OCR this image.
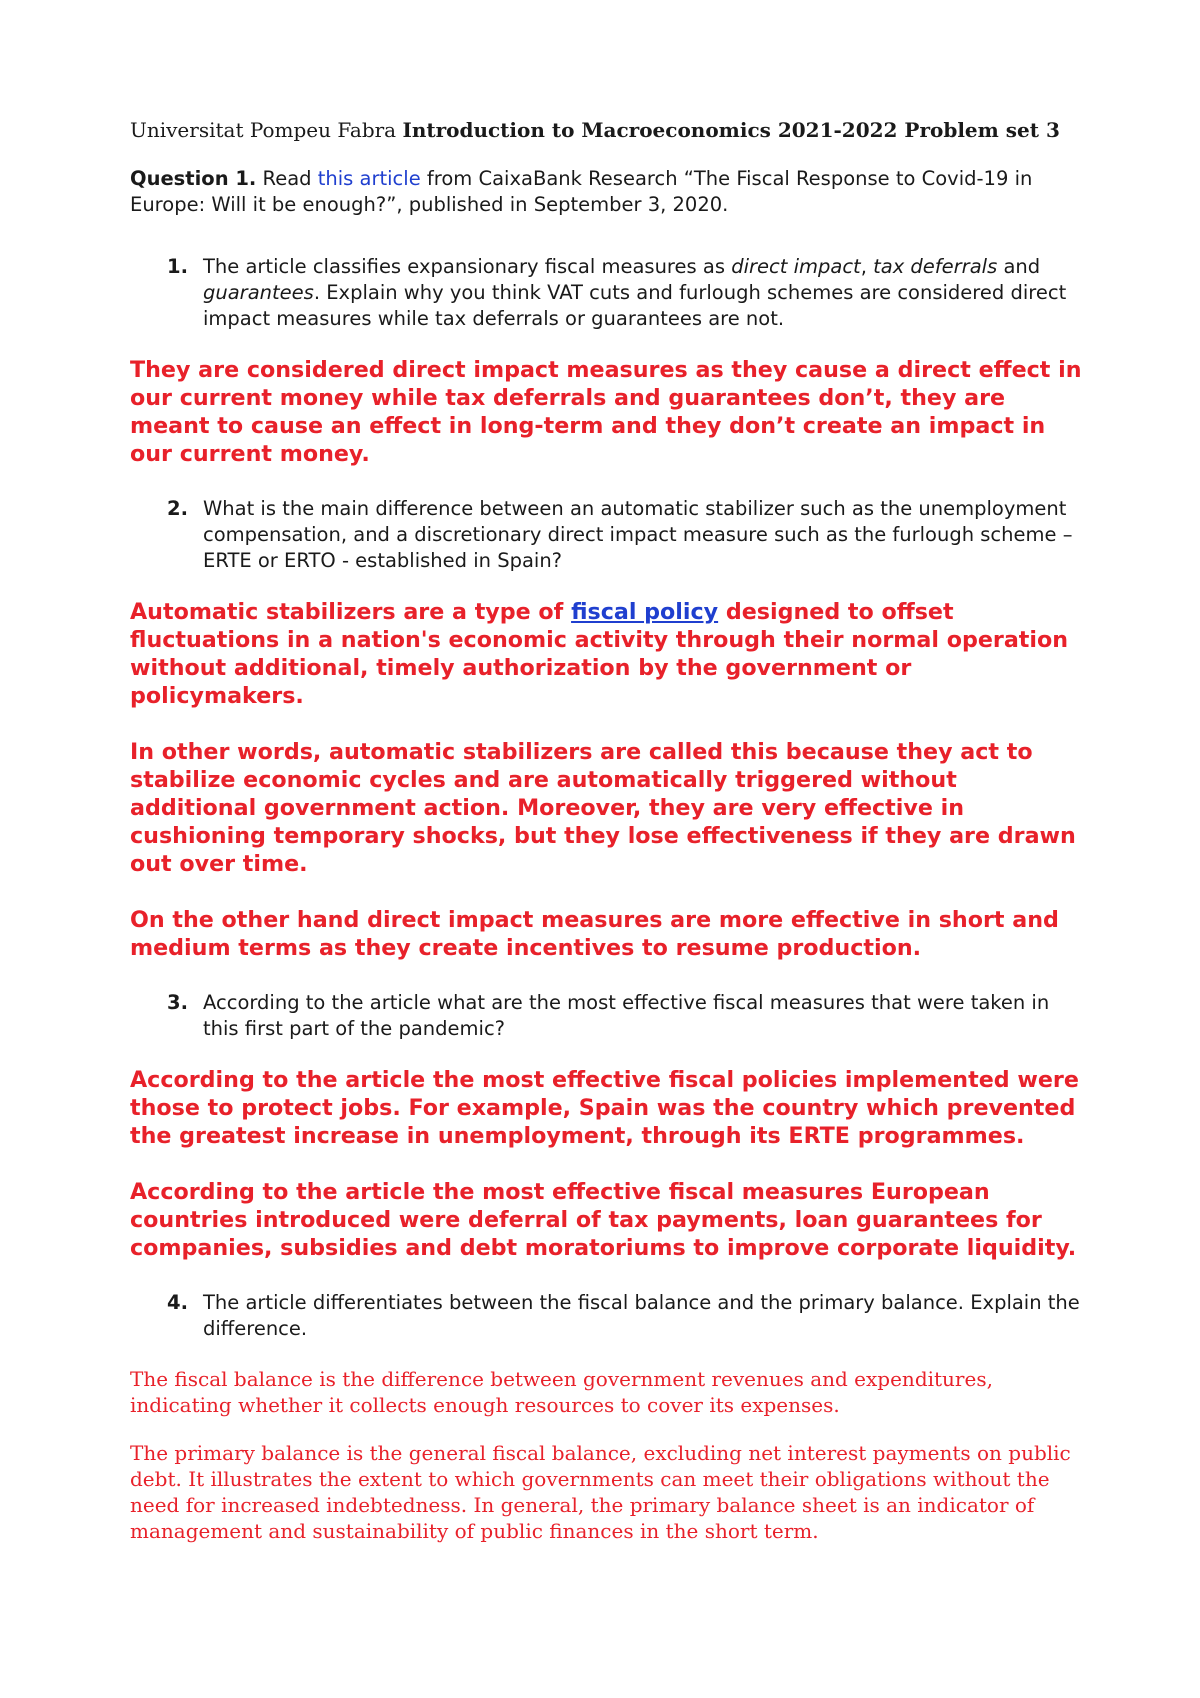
Universitat Pompeu Fabra Introduction to Macroeconomics 2021-2022 Problem set 3
Question 1. Read this article from CaixaBank Research “The Fiscal Response to Covid-19 in Europe: Will it be enough?”, published in September 3, 2020.
1. The article classifies expansionary fiscal measures as direct impact, tax deferrals and guarantees. Explain why you think VAT cuts and furlough schemes are considered direct impact measures while tax deferrals or guarantees are not.
They are considered direct impact measures as they cause a direct effect in our current money while tax deferrals and guarantees don’t, they are meant to cause an effect in long-term and they don’t create an impact in our current money.
2. What is the main difference between an automatic stabilizer such as the unemployment compensation, and a discretionary direct impact measure such as the furlough scheme – ERTE or ERTO - established in Spain?
Automatic stabilizers are a type of fiscal policy designed to offset fluctuations in a nation's economic activity through their normal operation without additional, timely authorization by the government or policymakers.
In other words, automatic stabilizers are called this because they act to stabilize economic cycles and are automatically triggered without additional government action. Moreover, they are very effective in cushioning temporary shocks, but they lose effectiveness if they are drawn out over time.
On the other hand direct impact measures are more effective in short and medium terms as they create incentives to resume production.
3. According to the article what are the most effective fiscal measures that were taken in this first part of the pandemic?
According to the article the most effective fiscal policies implemented were those to protect jobs. For example, Spain was the country which prevented the greatest increase in unemployment, through its ERTE programmes.
According to the article the most effective fiscal measures European countries introduced were deferral of tax payments, loan guarantees for companies, subsidies and debt moratoriums to improve corporate liquidity.
4. The article differentiates between the fiscal balance and the primary balance. Explain the difference.
The fiscal balance is the difference between government revenues and expenditures, indicating whether it collects enough resources to cover its expenses.
The primary balance is the general fiscal balance, excluding net interest payments on public debt. It illustrates the extent to which governments can meet their obligations without the need for increased indebtedness. In general, the primary balance sheet is an indicator of management and sustainability of public finances in the short term.
